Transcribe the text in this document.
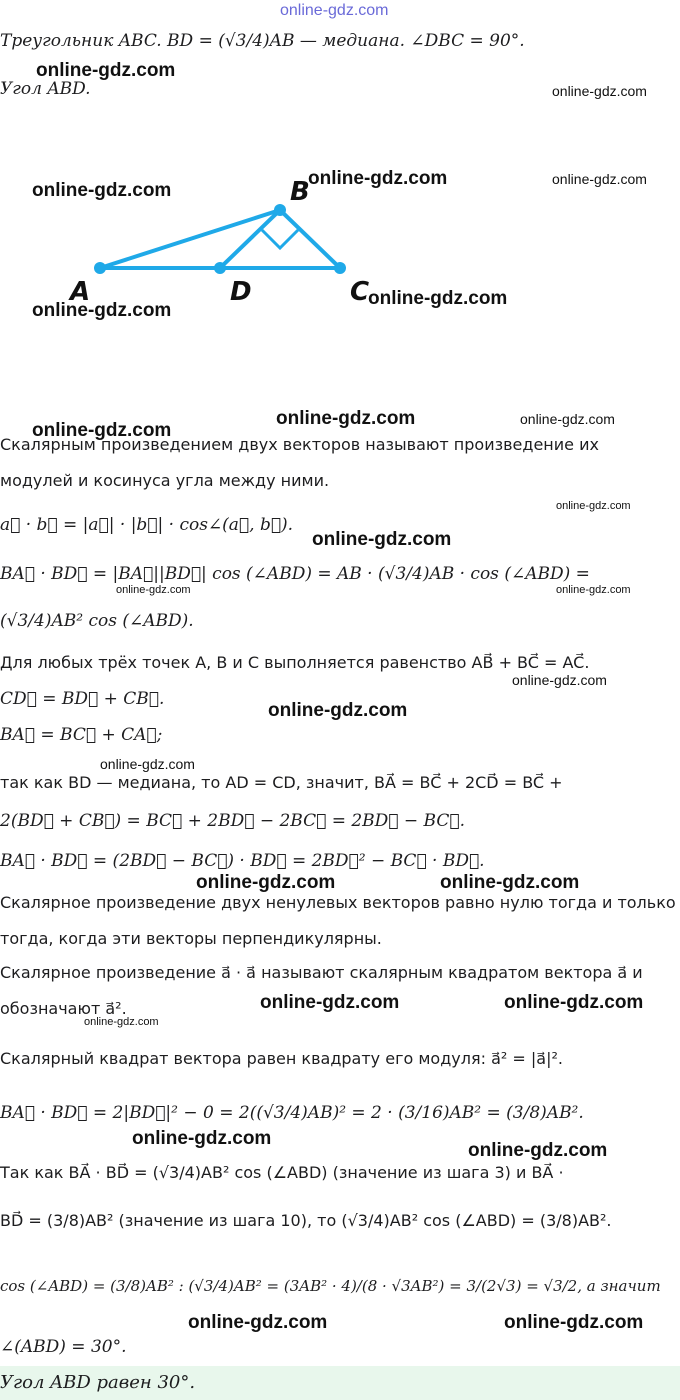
online-gdz.com
Треугольник ABC. BD = (√3/4)AB — медиана. ∠DBC = 90°.
Угол ABD.
B
A	D	C
Скалярным произведением двух векторов называют произведение их
модулей и косинуса угла между ними.
a⃗ · b⃗ = |a⃗| · |b⃗| · cos∠(a⃗, b⃗).
BA⃗ · BD⃗ = |BA⃗||BD⃗| cos (∠ABD) = AB · (√3/4)AB · cos (∠ABD) =
(√3/4)AB² cos (∠ABD).
Для любых трёх точек A, B и C выполняется равенство AB⃗ + BC⃗ = AC⃗.
CD⃗ = BD⃗ + CB⃗.
BA⃗ = BC⃗ + CA⃗;
так как BD — медиана, то AD = CD, значит, BA⃗ = BC⃗ + 2CD⃗ = BC⃗ +
2(BD⃗ + CB⃗) = BC⃗ + 2BD⃗ − 2BC⃗ = 2BD⃗ − BC⃗.
BA⃗ · BD⃗ = (2BD⃗ − BC⃗) · BD⃗ = 2BD⃗² − BC⃗ · BD⃗.
Скалярное произведение двух ненулевых векторов равно нулю тогда и только
тогда, когда эти векторы перпендикулярны.
Скалярное произведение a⃗ · a⃗ называют скалярным квадратом вектора a⃗ и
обозначают a⃗².
Скалярный квадрат вектора равен квадрату его модуля: a⃗² = |a⃗|².
BA⃗ · BD⃗ = 2|BD⃗|² − 0 = 2((√3/4)AB)² = 2 · (3/16)AB² = (3/8)AB².
Так как BA⃗ · BD⃗ = (√3/4)AB² cos (∠ABD) (значение из шага 3) и BA⃗ ·
BD⃗ = (3/8)AB² (значение из шага 10), то (√3/4)AB² cos (∠ABD) = (3/8)AB².
cos (∠ABD) = (3/8)AB² : (√3/4)AB² = (3AB² · 4)/(8 · √3AB²) = 3/(2√3) = √3/2, а значит
∠(ABD) = 30°.
Угол ABD равен 30°.
online-gdz.com
online-gdz.com
online-gdz.com
online-gdz.com	online-gdz.com
online-gdz.com
online-gdz.com
online-gdz.com
online-gdz.com	online-gdz.com
online-gdz.com
online-gdz.com
online-gdz.com	online-gdz.com
online-gdz.com
online-gdz.com
online-gdz.com
online-gdz.com	online-gdz.com
online-gdz.com	online-gdz.com
online-gdz.com
online-gdz.com
online-gdz.com
online-gdz.com	online-gdz.com
